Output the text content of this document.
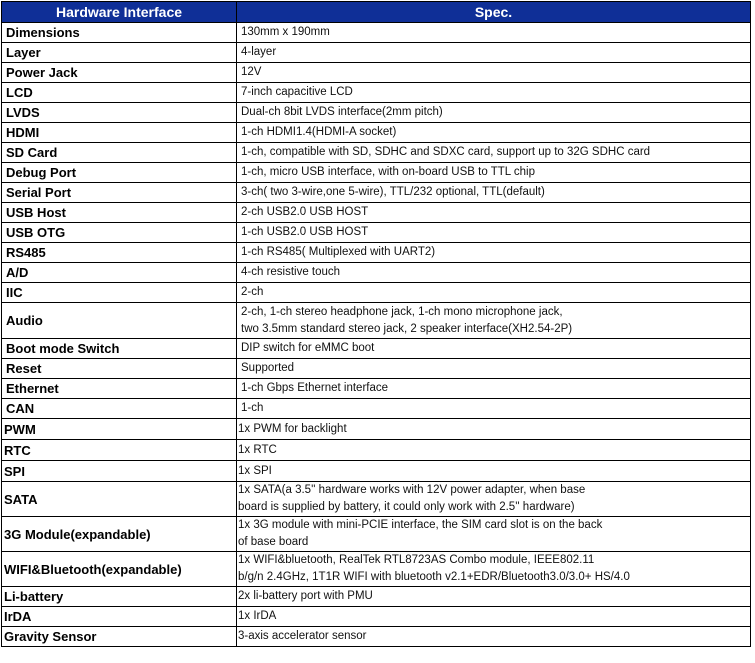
Hardware Interface	Spec.
Dimensions	130mm x 190mm

Layer	4-layer

Power Jack	12V

LCD	7-inch capacitive LCD

LVDS	Dual-ch 8bit LVDS interface(2mm pitch)

HDMI	1-ch HDMI1.4(HDMI-A socket)

SD Card	1-ch, compatible with SD, SDHC and SDXC card, support up to 32G SDHC card

Debug Port	1-ch, micro USB interface, with on-board USB to TTL chip

Serial Port	3-ch( two 3-wire,one 5-wire), TTL/232 optional, TTL(default)

USB Host	2-ch USB2.0 USB HOST

USB OTG	1-ch USB2.0 USB HOST

RS485	1-ch RS485( Multiplexed with UART2)

A/D	4-ch resistive touch

IIC	2-ch

Audio	2-ch, 1-ch stereo headphone jack, 1-ch mono microphone jack,
two 3.5mm standard stereo jack, 2 speaker interface(XH2.54-2P)

Boot mode Switch	DIP switch for eMMC boot

Reset	Supported

Ethernet	1-ch Gbps Ethernet interface

CAN	1-ch

PWM	1x PWM for backlight

RTC	1x RTC

SPI	1x SPI

SATA	1x SATA(a 3.5'' hardware works with 12V power adapter, when base
board is supplied by battery, it could only work with 2.5'' hardware)

3G Module(expandable)	1x 3G module with mini-PCIE interface, the SIM card slot is on the back
of base board

WIFI&Bluetooth(expandable)	1x WIFI&bluetooth, RealTek RTL8723AS Combo module, IEEE802.11
b/g/n 2.4GHz, 1T1R WIFI with bluetooth v2.1+EDR/Bluetooth3.0/3.0+ HS/4.0

Li-battery	2x li-battery port with PMU

IrDA	1x IrDA

Gravity Sensor	3-axis accelerator sensor
